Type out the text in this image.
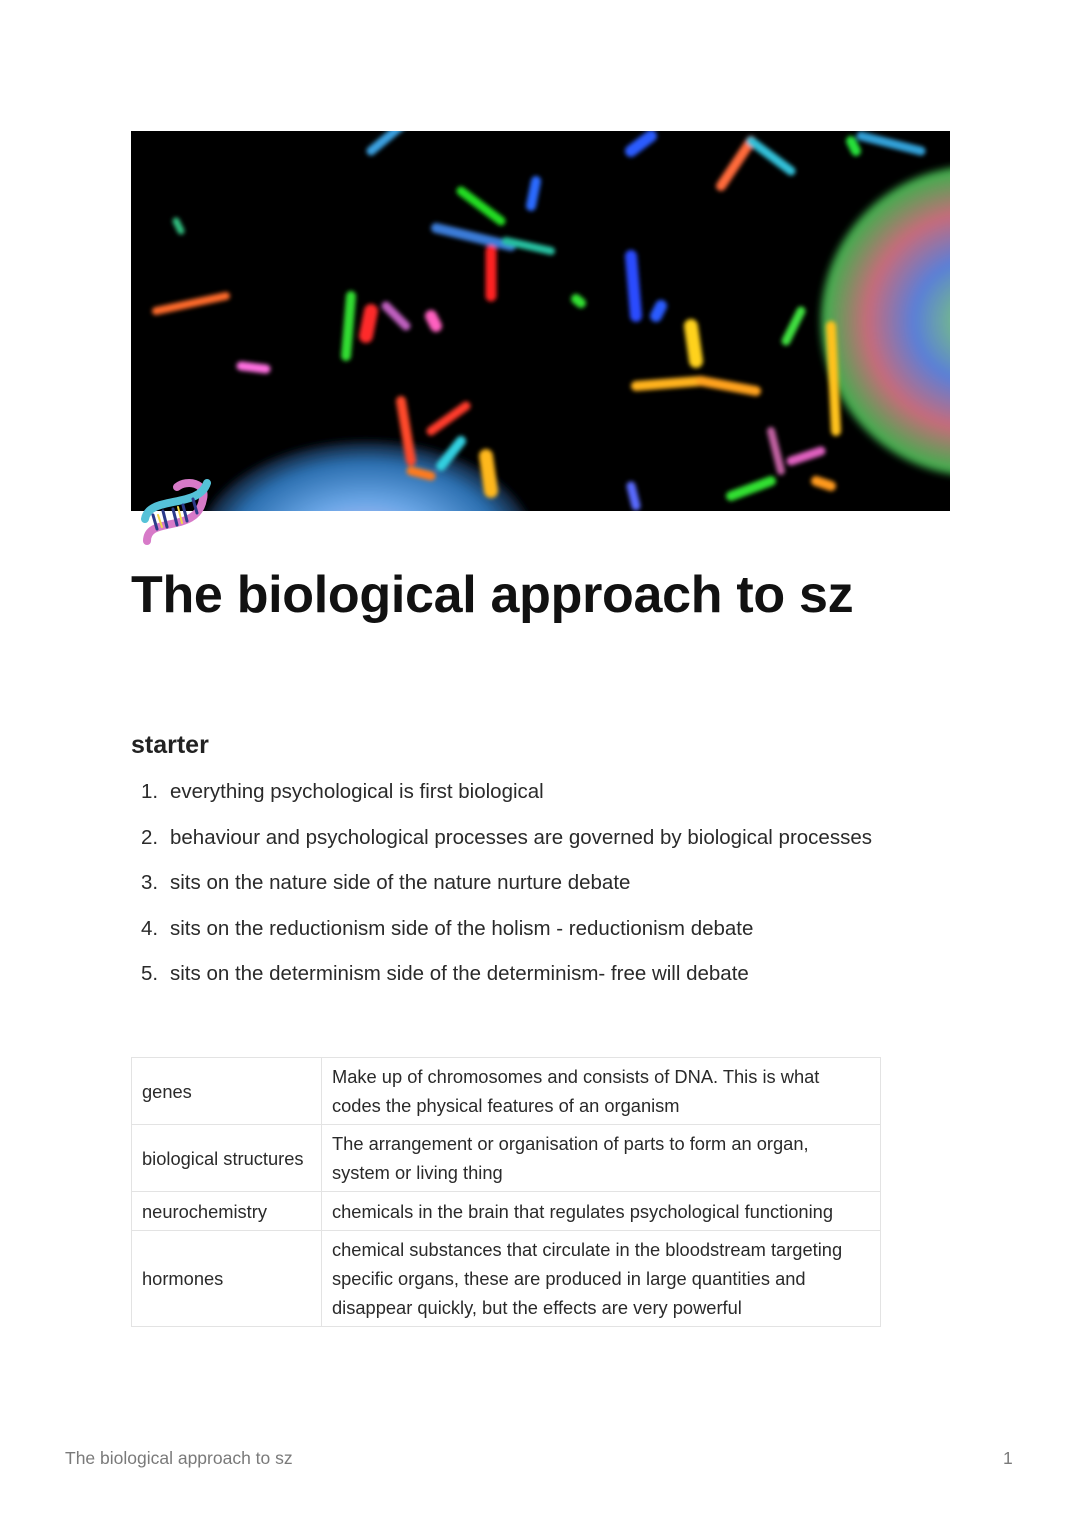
The biological approach to sz
starter
1. everything psychological is first biological
2. behaviour and psychological processes are governed by biological processes
3. sits on the nature side of the nature nurture debate
4. sits on the reductionism side of the holism - reductionism debate
5. sits on the determinism side of the determinism- free will debate
genes	Make up of chromosomes and consists of DNA. This is what codes the physical features of an organism
biological structures	The arrangement or organisation of parts to form an organ, system or living thing
neurochemistry	chemicals in the brain that regulates psychological functioning
hormones	chemical substances that circulate in the bloodstream targeting specific organs, these are produced in large quantities and disappear quickly, but the effects are very powerful
The biological approach to sz	1
